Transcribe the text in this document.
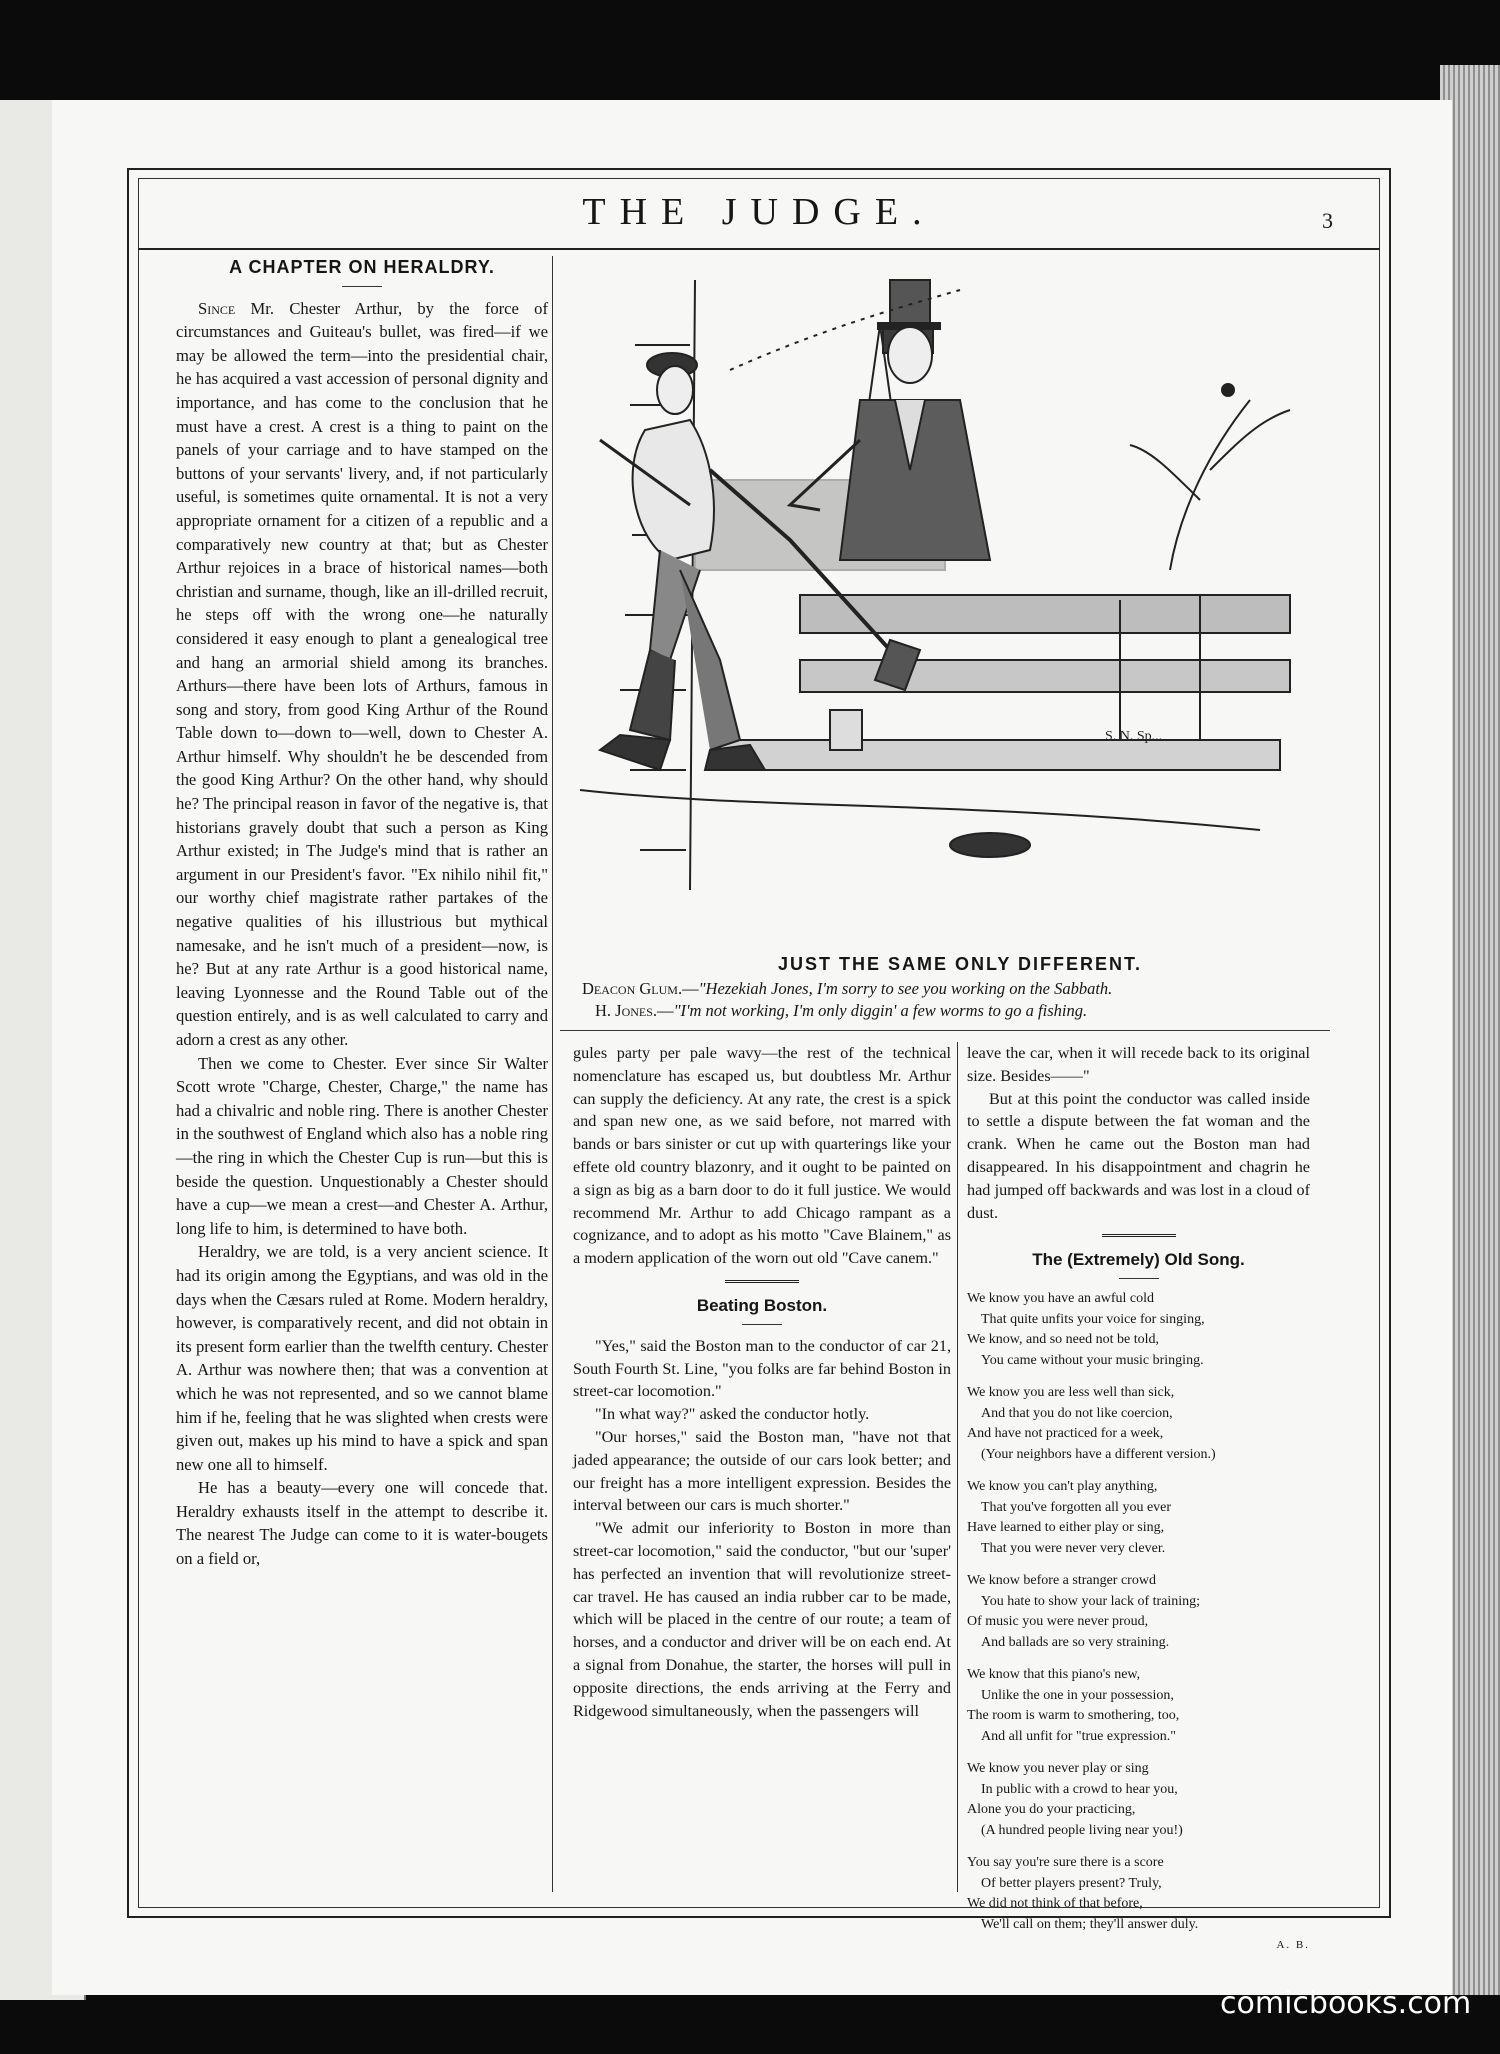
THE JUDGE.	3
A CHAPTER ON HERALDRY.

Since Mr. Chester Arthur, by the force of circumstances and Guiteau's bullet, was fired—if we may be allowed the term—into the presidential chair, he has acquired a vast accession of personal dignity and importance, and has come to the conclusion that he must have a crest. A crest is a thing to paint on the panels of your carriage and to have stamped on the buttons of your servants' livery, and, if not particularly useful, is sometimes quite ornamental. It is not a very appropriate ornament for a citizen of a republic and a comparatively new country at that; but as Chester Arthur rejoices in a brace of historical names—both christian and surname, though, like an ill-drilled recruit, he steps off with the wrong one—he naturally considered it easy enough to plant a genealogical tree and hang an armorial shield among its branches. Arthurs—there have been lots of Arthurs, famous in song and story, from good King Arthur of the Round Table down to—down to—well, down to Chester A. Arthur himself. Why shouldn't he be descended from the good King Arthur? On the other hand, why should he? The principal reason in favor of the negative is, that historians gravely doubt that such a person as King Arthur existed; in The Judge's mind that is rather an argument in our President's favor. "Ex nihilo nihil fit," our worthy chief magistrate rather partakes of the negative qualities of his illustrious but mythical namesake, and he isn't much of a president—now, is he? But at any rate Arthur is a good historical name, leaving Lyonnesse and the Round Table out of the question entirely, and is as well calculated to carry and adorn a crest as any other.

Then we come to Chester. Ever since Sir Walter Scott wrote "Charge, Chester, Charge," the name has had a chivalric and noble ring. There is another Chester in the southwest of England which also has a noble ring—the ring in which the Chester Cup is run—but this is beside the question. Unquestionably a Chester should have a cup—we mean a crest—and Chester A. Arthur, long life to him, is determined to have both.

Heraldry, we are told, is a very ancient science. It had its origin among the Egyptians, and was old in the days when the Cæsars ruled at Rome. Modern heraldry, however, is comparatively recent, and did not obtain in its present form earlier than the twelfth century. Chester A. Arthur was nowhere then; that was a convention at which he was not represented, and so we cannot blame him if he, feeling that he was slighted when crests were given out, makes up his mind to have a spick and span new one all to himself.

He has a beauty—every one will concede that. Heraldry exhausts itself in the attempt to describe it. The nearest The Judge can come to it is water-bougets on a field or,

S. N. Sp...
JUST THE SAME ONLY DIFFERENT.
Deacon Glum.—"Hezekiah Jones, I'm sorry to see you working on the Sabbath.
H. Jones.—"I'm not working, I'm only diggin' a few worms to go a fishing.

gules party per pale wavy—the rest of the technical nomenclature has escaped us, but doubtless Mr. Arthur can supply the deficiency. At any rate, the crest is a spick and span new one, as we said before, not marred with bands or bars sinister or cut up with quarterings like your effete old country blazonry, and it ought to be painted on a sign as big as a barn door to do it full justice. We would recommend Mr. Arthur to add Chicago rampant as a cognizance, and to adopt as his motto "Cave Blainem," as a modern application of the worn out old "Cave canem."

Beating Boston.

"Yes," said the Boston man to the conductor of car 21, South Fourth St. Line, "you folks are far behind Boston in street-car locomotion."

"In what way?" asked the conductor hotly.

"Our horses," said the Boston man, "have not that jaded appearance; the outside of our cars look better; and our freight has a more intelligent expression. Besides the interval between our cars is much shorter."

"We admit our inferiority to Boston in more than street-car locomotion," said the conductor, "but our 'super' has perfected an invention that will revolutionize street-car travel. He has caused an india rubber car to be made, which will be placed in the centre of our route; a team of horses, and a conductor and driver will be on each end. At a signal from Donahue, the starter, the horses will pull in opposite directions, the ends arriving at the Ferry and Ridgewood simultaneously, when the passengers will

leave the car, when it will recede back to its original size. Besides——"

But at this point the conductor was called inside to settle a dispute between the fat woman and the crank. When he came out the Boston man had disappeared. In his disappointment and chagrin he had jumped off backwards and was lost in a cloud of dust.

The (Extremely) Old Song.
We know you have an awful cold
That quite unfits your voice for singing,
We know, and so need not be told,
You came without your music bringing.
We know you are less well than sick,
And that you do not like coercion,
And have not practiced for a week,
(Your neighbors have a different version.)
We know you can't play anything,
That you've forgotten all you ever
Have learned to either play or sing,
That you were never very clever.
We know before a stranger crowd
You hate to show your lack of training;
Of music you were never proud,
And ballads are so very straining.
We know that this piano's new,
Unlike the one in your possession,
The room is warm to smothering, too,
And all unfit for "true expression."
We know you never play or sing
In public with a crowd to hear you,
Alone you do your practicing,
(A hundred people living near you!)
You say you're sure there is a score
Of better players present? Truly,
We did not think of that before,
We'll call on them; they'll answer duly.
A. B.
comicbooks.com
